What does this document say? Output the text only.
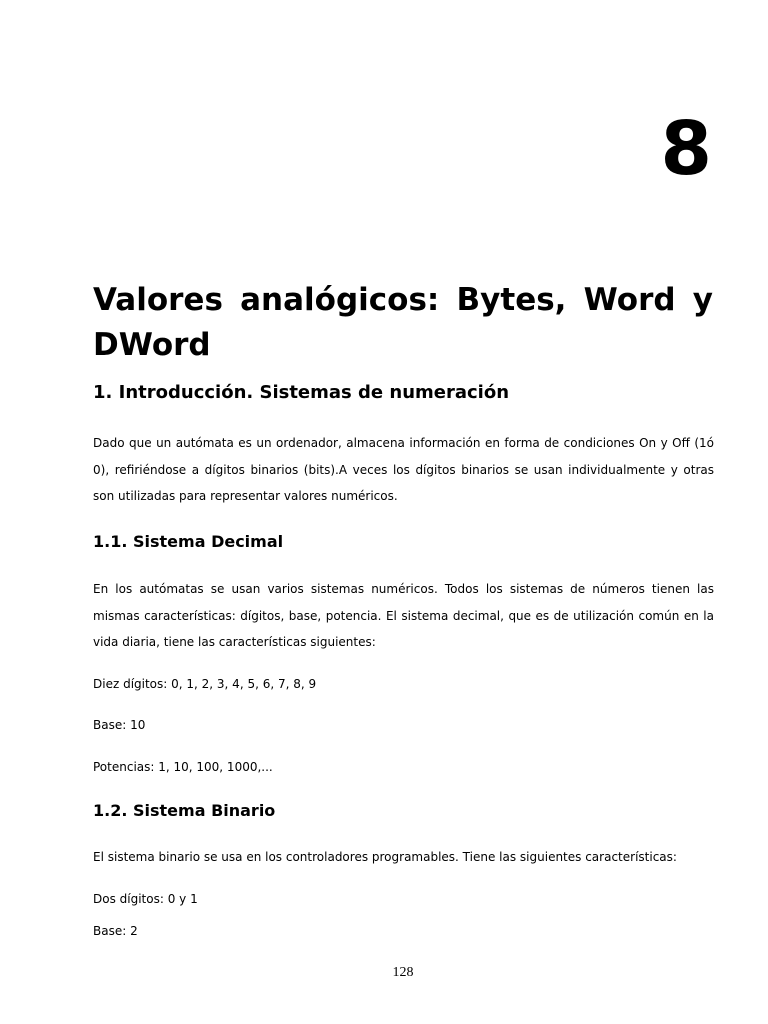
8
Valores analógicos: Bytes, Word y DWord
1. Introducción. Sistemas de numeración

Dado que un autómata es un ordenador, almacena información en forma de condiciones On y Off (1ó 0), refiriéndose a dígitos binarios (bits).A veces los dígitos binarios se usan individualmente y otras son utilizadas para representar valores numéricos.

1.1. Sistema Decimal

En los autómatas se usan varios sistemas numéricos. Todos los sistemas de números tienen las mismas características: dígitos, base, potencia. El sistema decimal, que es de utilización común en la vida diaria, tiene las características siguientes:

Diez dígitos: 0, 1, 2, 3, 4, 5, 6, 7, 8, 9

Base: 10

Potencias: 1, 10, 100, 1000,...

1.2. Sistema Binario

El sistema binario se usa en los controladores programables. Tiene las siguientes características:

Dos dígitos: 0 y 1

Base: 2

128
